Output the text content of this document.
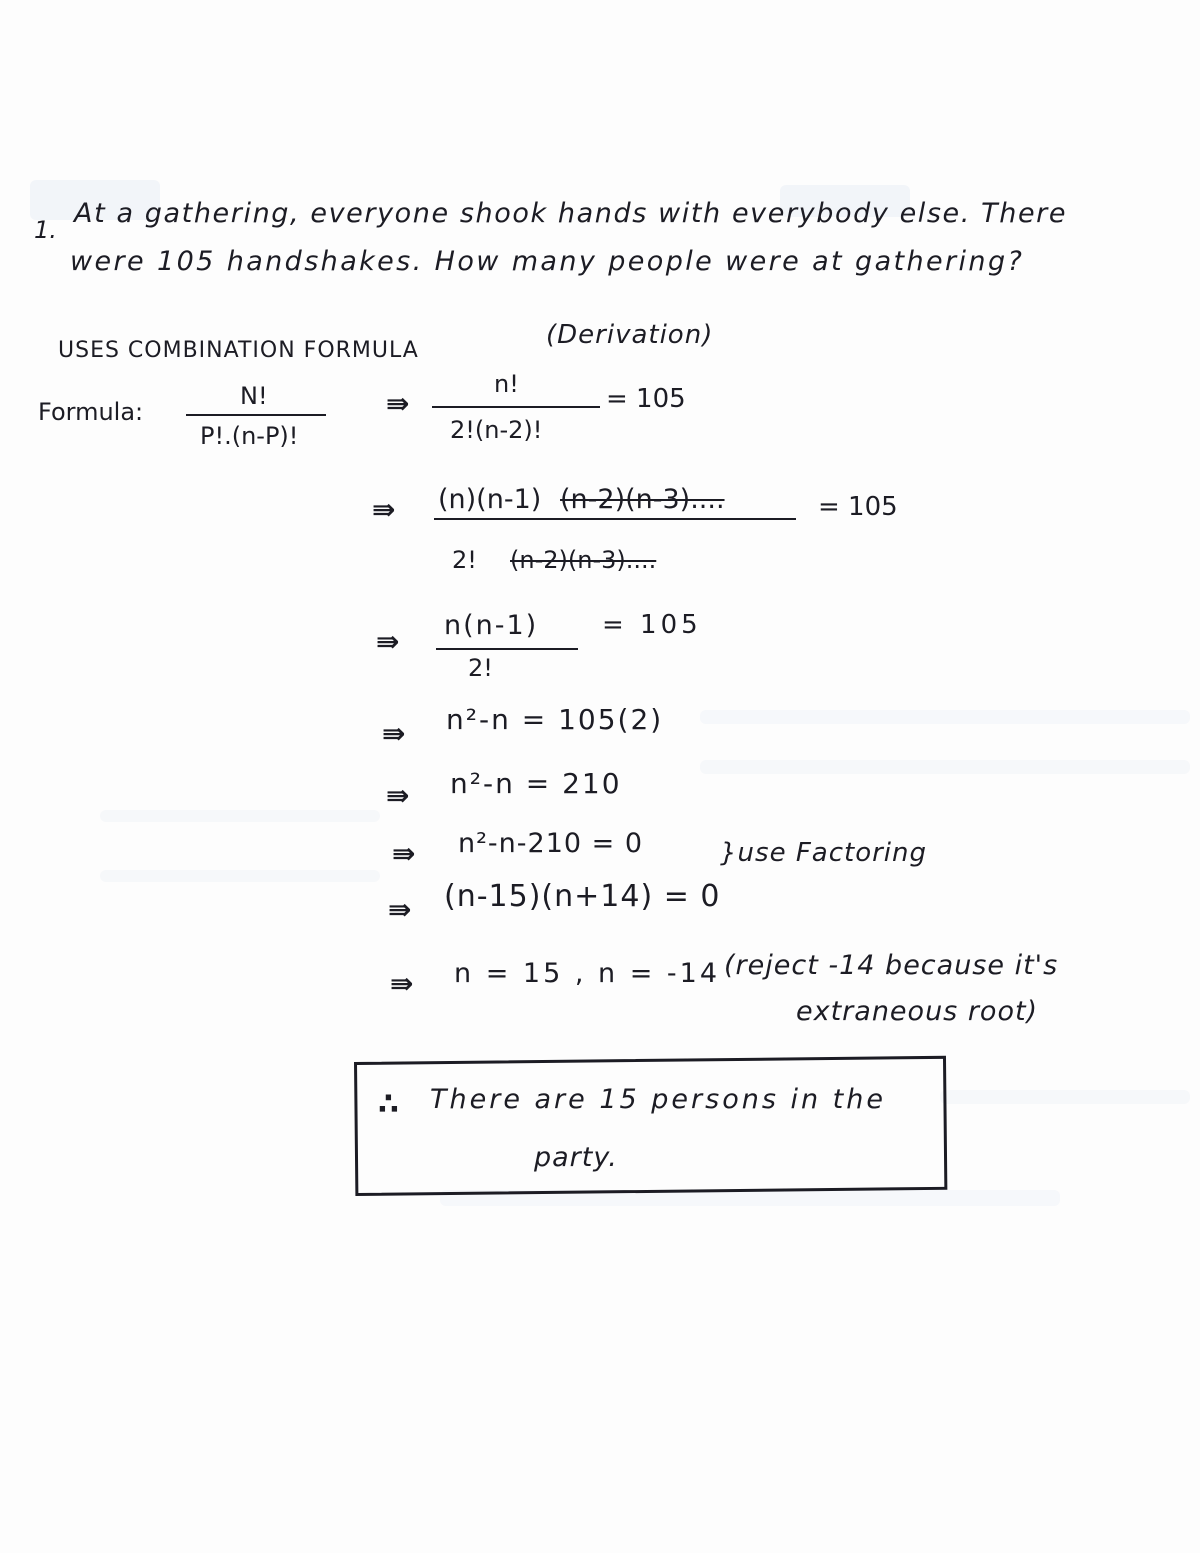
1.
At a gathering, everyone shook hands with everybody else. There
were 105 handshakes. How many people were at gathering?
USES COMBINATION FORMULA
(Derivation)
Formula:
N!
P!.(n-P)!
⇛
n!
2!(n-2)!
= 105
⇛ (n)(n-1) (n-2)(n-3)....
2! (n-2)(n-3)....
= 105
⇛ n(n-1)
2!
= 105
⇛ n²-n = 105(2)
⇛ n²-n = 210
⇛ n²-n-210 = 0	}use Factoring
⇛ (n-15)(n+14) = 0
⇛ n = 15 , n = -14 (reject -14 because it's
extraneous root)
∴ There are 15 persons in the
party.
